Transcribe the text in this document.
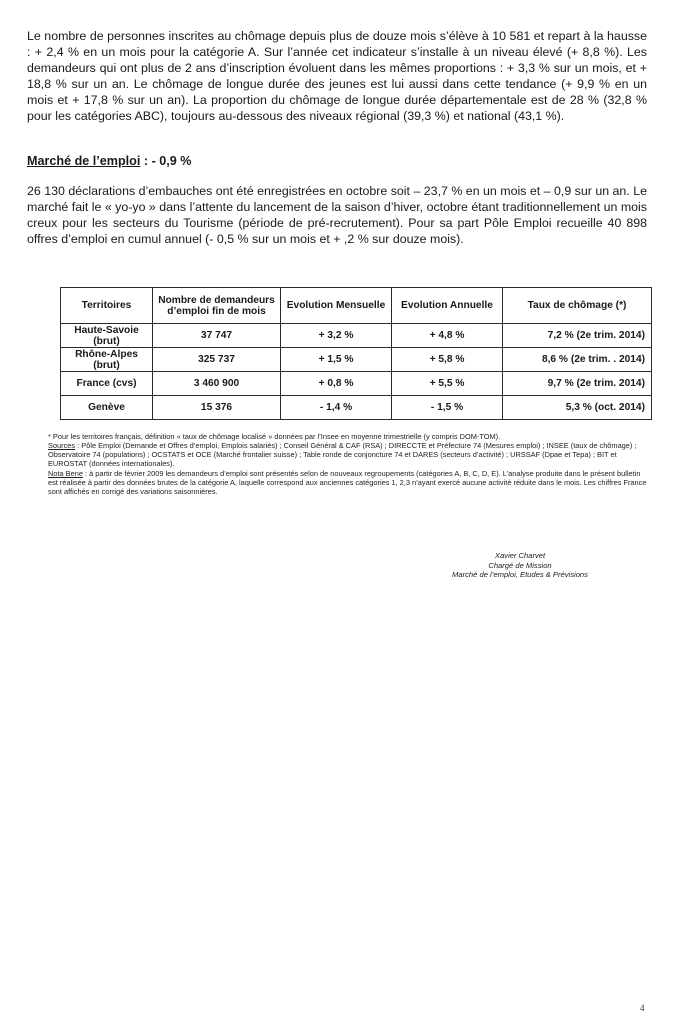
Le nombre de personnes inscrites au chômage depuis plus de douze mois s’élève à 10 581 et repart à la hausse : + 2,4 % en un mois pour la catégorie A. Sur l’année cet indicateur s’installe à un niveau élevé (+ 8,8 %). Les demandeurs qui ont plus de 2 ans d’inscription évoluent dans les mêmes proportions : + 3,3 % sur un mois, et + 18,8 % sur un an. Le chômage de longue durée des jeunes est lui aussi dans cette tendance (+ 9,9 % en un mois et + 17,8 % sur un an). La proportion du chômage de longue durée départementale est de 28 % (32,8 % pour les catégories ABC), toujours au-dessous des niveaux régional (39,3 %) et national (43,1 %).

Marché de l’emploi : - 0,9 %

26 130 déclarations d’embauches ont été enregistrées en octobre soit – 23,7 % en un mois et – 0,9 sur un an. Le marché fait le « yo-yo » dans l’attente du lancement de la saison d’hiver, octobre étant traditionnellement un mois creux pour les secteurs du Tourisme (période de pré-recrutement). Pour sa part Pôle Emploi recueille 40 898 offres d’emploi en cumul annuel (- 0,5 % sur un mois et + ,2 % sur douze mois).

Territoires	Nombre de demandeurs d’emploi fin de mois	Evolution Mensuelle	Evolution Annuelle	Taux de chômage (*)
Haute-Savoie (brut)	37 747	+ 3,2 %	+ 4,8 %	7,2 % (2e trim. 2014)
Rhône-Alpes (brut)	325 737	+ 1,5 %	+ 5,8 %	8,6 % (2e trim. . 2014)
France (cvs)	3 460 900	+ 0,8 %	+ 5,5 %	9,7 % (2e trim. 2014)
Genève	15 376	- 1,4 %	- 1,5 %	5,3 % (oct. 2014)

* Pour les territoires français, définition « taux de chômage localisé » données par l’Insee en moyenne trimestrielle (y compris DOM-TOM).

Sources : Pôle Emploi (Demande et Offres d’emploi, Emplois salariés) ; Conseil Général & CAF (RSA) ; DIRECCTE et Préfecture 74 (Mesures emploi) ; INSEE (taux de chômage) ; Observatoire 74 (populations) ; OCSTATS et OCE (Marché frontalier suisse) ; Table ronde de conjoncture 74 et DARES (secteurs d’activité) ; URSSAF (Dpae et Tepa) ; BIT et EUROSTAT (données internationales).

Nota Bene : à partir de février 2009 les demandeurs d’emploi sont présentés selon de nouveaux regroupements (catégories A, B, C, D, E). L’analyse produite dans le présent bulletin est réalisée à partir des données brutes de la catégorie A, laquelle correspond aux anciennes catégories 1, 2,3 n’ayant exercé aucune activité réduite dans le mois. Les chiffres France sont affichés en corrigé des variations saisonnières.

Xavier Charvet
Chargé de Mission
Marché de l’emploi, Etudes & Prévisions
4
